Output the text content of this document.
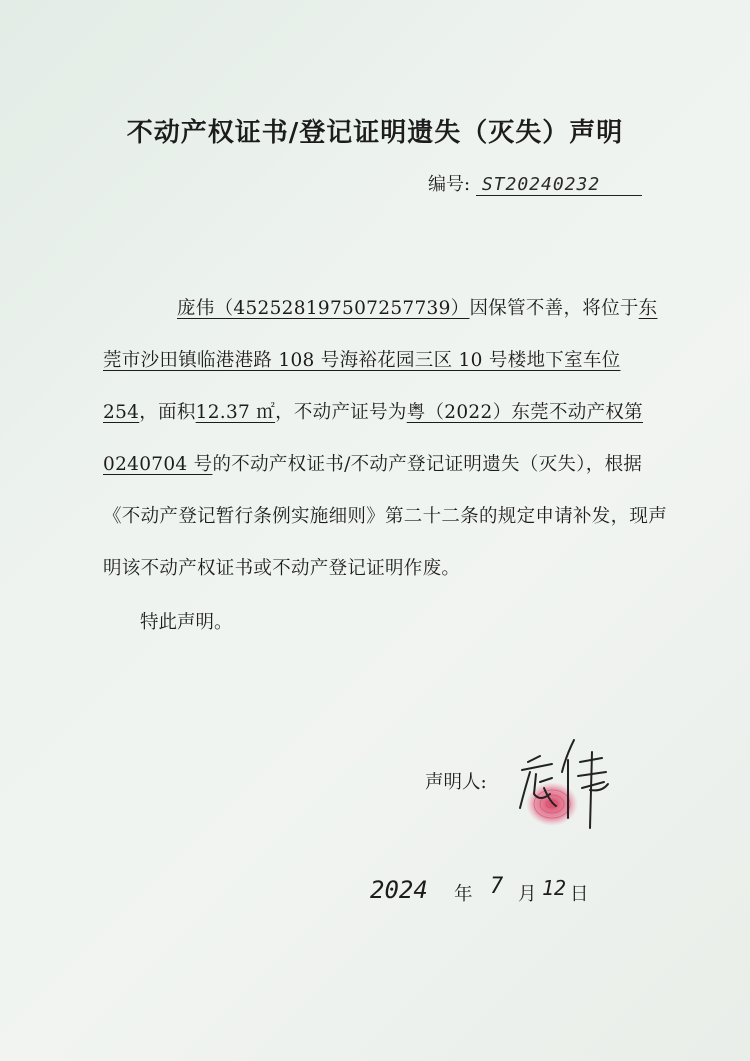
不动产权证书/登记证明遗失（灭失）声明
编号: ST20240232

庞伟（452528197507257739）因保管不善，将位于东莞市沙田镇临港港路 108 号海裕花园三区 10 号楼地下室车位 254，面积12.37 ㎡，不动产证号为粤（2022）东莞不动产权第 0240704 号的不动产权证书/不动产登记证明遗失（灭失），根据《不动产登记暂行条例实施细则》第二十二条的规定申请补发，现声明该不动产权证书或不动产登记证明作废。

特此声明。
声明人:
2024 年 7 月 12 日
